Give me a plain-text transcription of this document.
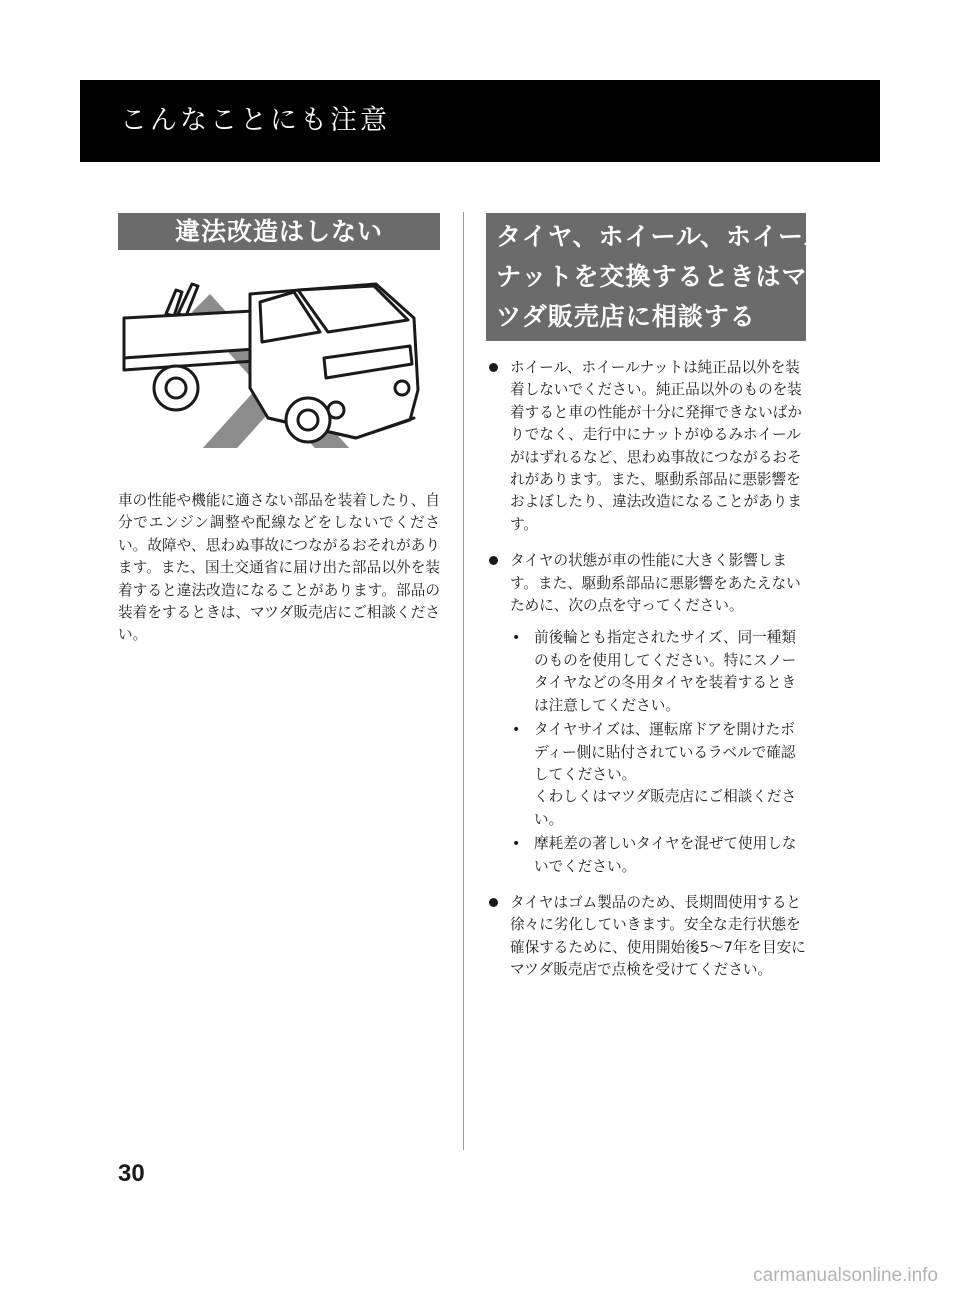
こんなことにも注意
違法改造はしない

車の性能や機能に適さない部品を装着したり、自分でエンジン調整や配線などをしないでください。故障や、思わぬ事故につながるおそれがあります。また、国土交通省に届け出た部品以外を装着すると違法改造になることがあります。部品の装着をするときは、マツダ販売店にご相談ください。

タイヤ、ホイール、ホイール
ナットを交換するときはマ
ツダ販売店に相談する
ホイール、ホイールナットは純正品以外を装着しないでください。純正品以外のものを装着すると車の性能が十分に発揮できないばかりでなく、走行中にナットがゆるみホイールがはずれるなど、思わぬ事故につながるおそれがあります。また、駆動系部品に悪影響をおよぼしたり、違法改造になることがあります。
タイヤの状態が車の性能に大きく影響します。また、駆動系部品に悪影響をあたえないために、次の点を守ってください。
• 前後輪とも指定されたサイズ、同一種類のものを使用してください。特にスノータイヤなどの冬用タイヤを装着するときは注意してください。
• タイヤサイズは、運転席ドアを開けたボディー側に貼付されているラベルで確認してください。
くわしくはマツダ販売店にご相談ください。
• 摩耗差の著しいタイヤを混ぜて使用しないでください。
タイヤはゴム製品のため、長期間使用すると徐々に劣化していきます。安全な走行状態を確保するために、使用開始後5〜7年を目安にマツダ販売店で点検を受けてください。
30
carmanualsonline.info
